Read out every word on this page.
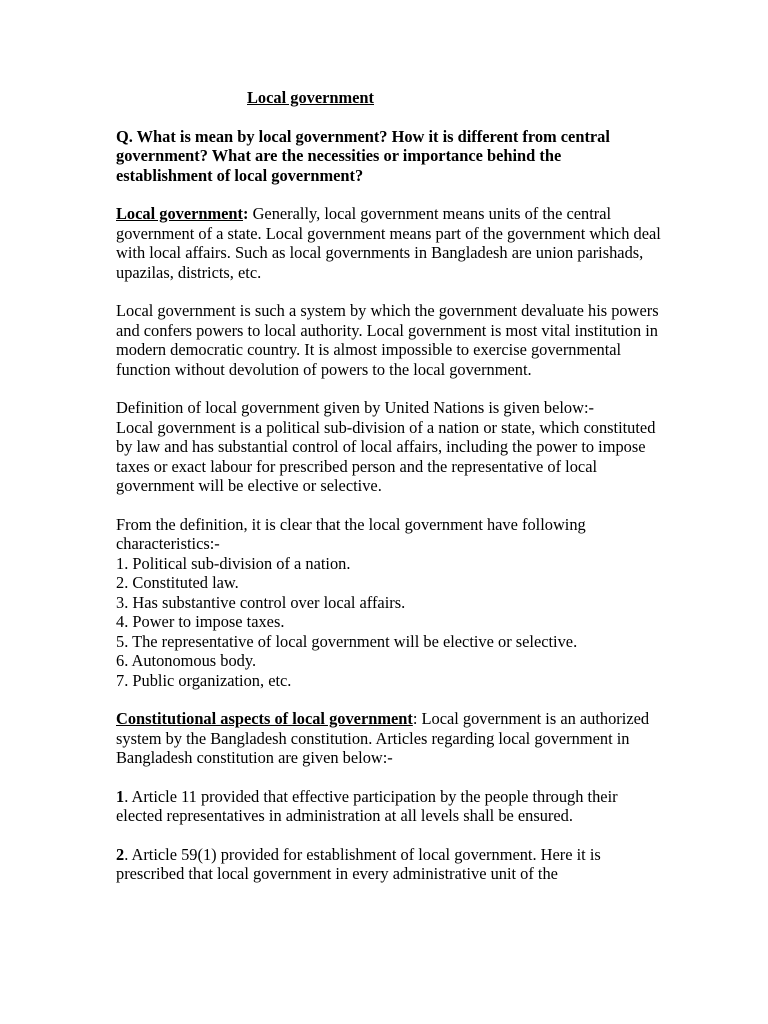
Local government

Q. What is mean by local government? How it is different from central government? What are the necessities or importance behind the establishment of local government?

Local government: Generally, local government means units of the central government of a state. Local government means part of the government which deal with local affairs. Such as local governments in Bangladesh are union parishads, upazilas, districts, etc.

Local government is such a system by which the government devaluate his powers and confers powers to local authority. Local government is most vital institution in modern democratic country. It is almost impossible to exercise governmental function without devolution of powers to the local government.

Definition of local government given by United Nations is given below:-
Local government is a political sub-division of a nation or state, which constituted by law and has substantial control of local affairs, including the power to impose taxes or exact labour for prescribed person and the representative of local government will be elective or selective.

From the definition, it is clear that the local government have following characteristics:-
1. Political sub-division of a nation.
2. Constituted law.
3. Has substantive control over local affairs.
4. Power to impose taxes.
5. The representative of local government will be elective or selective.
6. Autonomous body.
7. Public organization, etc.

Constitutional aspects of local government: Local government is an authorized system by the Bangladesh constitution. Articles regarding local government in Bangladesh constitution are given below:-

1. Article 11 provided that effective participation by the people through their elected representatives in administration at all levels shall be ensured.

2. Article 59(1) provided for establishment of local government. Here it is prescribed that local government in every administrative unit of the
